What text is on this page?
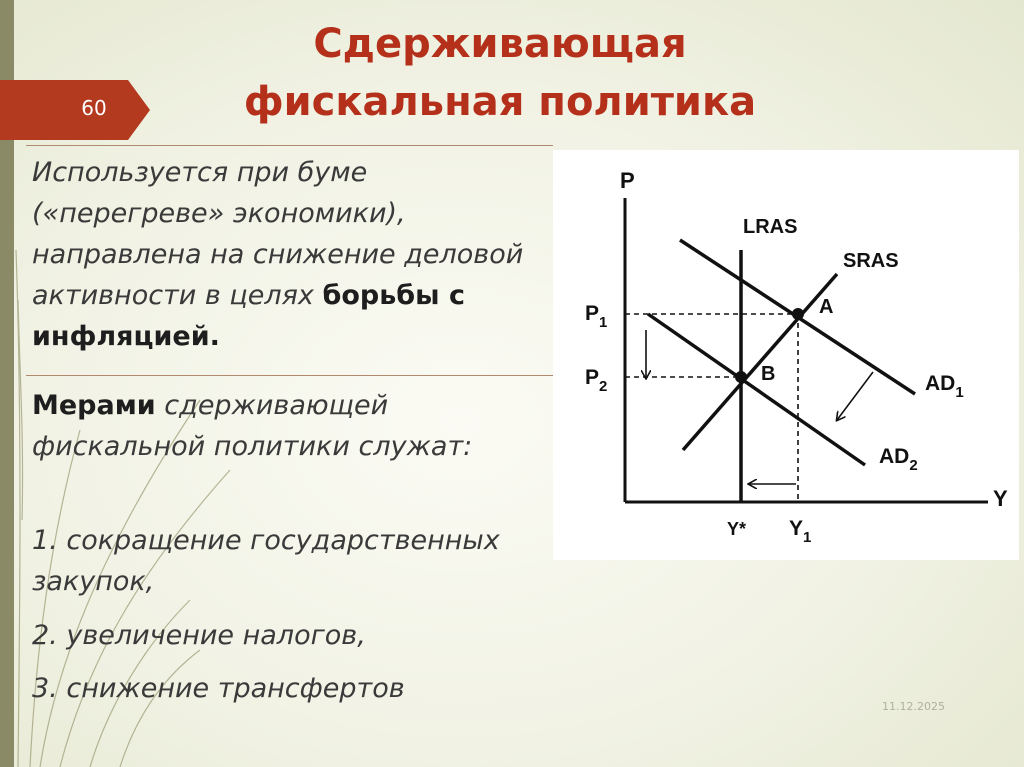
60
Сдерживающая
фискальная политика
Используется при буме («перегреве» экономики), направлена на снижение деловой активности в целях борьбы с инфляцией.
Мерами сдерживающей фискальной политики служат:
1. сокращение государственных закупок,
2. увеличение налогов,
3. снижение трансфертов
11.12.2025
P
Y
LRAS
SRAS
A
B	$AD_1$
$AD_2$
$P_1$
$P_2$
Y* $Y_1$
